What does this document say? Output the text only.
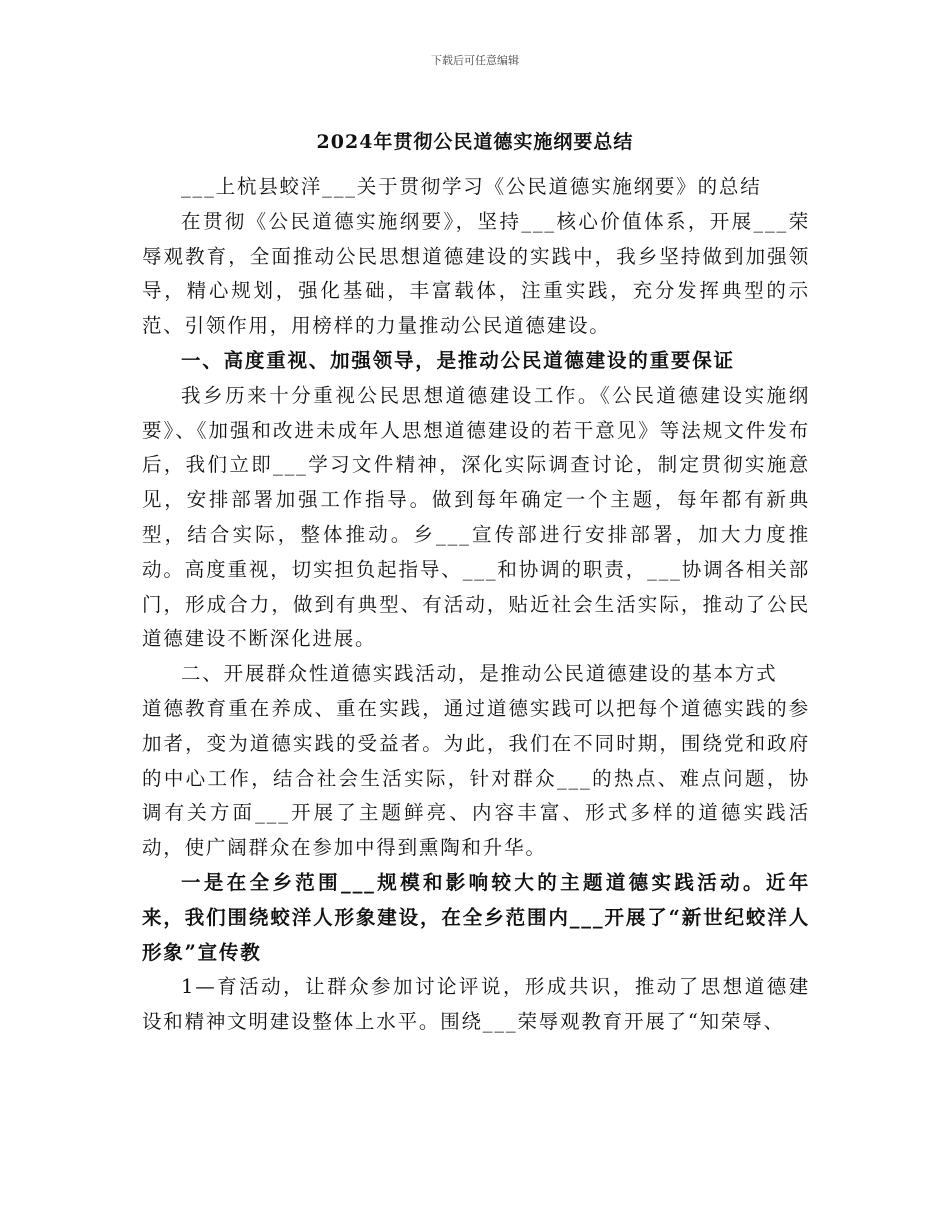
下载后可任意编辑
2024年贯彻公民道德实施纲要总结

___上杭县蛟洋___关于贯彻学习《公民道德实施纲要》的总结

在贯彻《公民道德实施纲要》，坚持___核心价值体系，开展___荣辱观教育，全面推动公民思想道德建设的实践中，我乡坚持做到加强领导，精心规划，强化基础，丰富载体，注重实践，充分发挥典型的示范、引领作用，用榜样的力量推动公民道德建设。

一、高度重视、加强领导，是推动公民道德建设的重要保证

我乡历来十分重视公民思想道德建设工作。《公民道德建设实施纲要》、《加强和改进未成年人思想道德建设的若干意见》等法规文件发布后，我们立即___学习文件精神，深化实际调查讨论，制定贯彻实施意见，安排部署加强工作指导。做到每年确定一个主题，每年都有新典型，结合实际，整体推动。乡___宣传部进行安排部署，加大力度推动。高度重视，切实担负起指导、___和协调的职责，___协调各相关部门，形成合力，做到有典型、有活动，贴近社会生活实际，推动了公民道德建设不断深化进展。

二、开展群众性道德实践活动，是推动公民道德建设的基本方式

道德教育重在养成、重在实践，通过道德实践可以把每个道德实践的参加者，变为道德实践的受益者。为此，我们在不同时期，围绕党和政府的中心工作，结合社会生活实际，针对群众___的热点、难点问题，协调有关方面___开展了主题鲜亮、内容丰富、形式多样的道德实践活动，使广阔群众在参加中得到熏陶和升华。

一是在全乡范围___规模和影响较大的主题道德实践活动。近年来，我们围绕蛟洋人形象建设，在全乡范围内___开展了“新世纪蛟洋人形象”宣传教

1—育活动，让群众参加讨论评说，形成共识，推动了思想道德建设和精神文明建设整体上水平。围绕___荣辱观教育开展了“知荣辱、
